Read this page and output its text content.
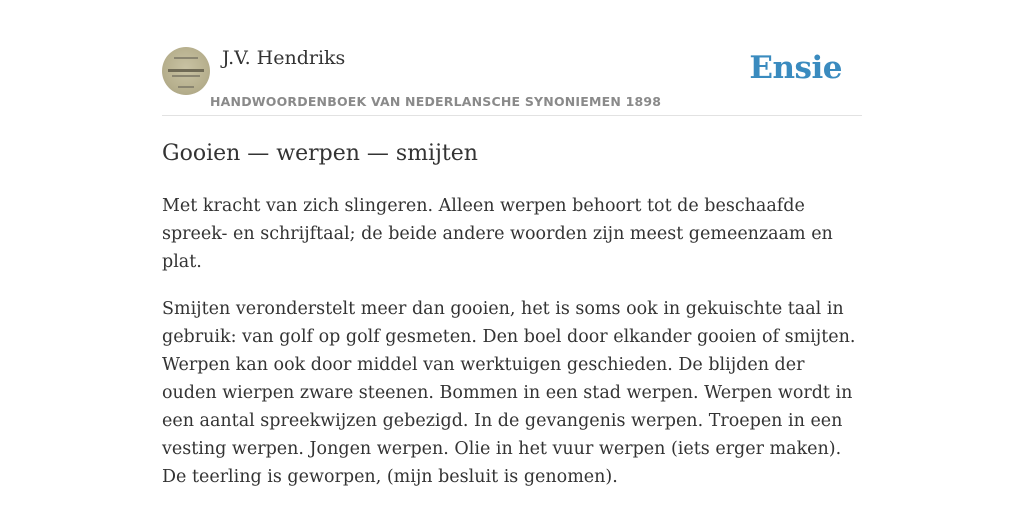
J.V. Hendriks
HANDWOORDENBOEK VAN NEDERLANSCHE SYNONIEMEN 1898
Ensie
Gooien — werpen — smijten

Met kracht van zich slingeren. Alleen werpen behoort tot de beschaafde spreek- en schrijftaal; de beide andere woorden zijn meest gemeenzaam en plat.

Smijten veronderstelt meer dan gooien, het is soms ook in gekuischte taal in gebruik: van golf op golf gesmeten. Den boel door elkander gooien of smijten. Werpen kan ook door middel van werktuigen geschieden. De blijden der ouden wierpen zware steenen. Bommen in een stad werpen. Werpen wordt in een aantal spreekwijzen gebezigd. In de gevangenis werpen. Troepen in een vesting werpen. Jongen werpen. Olie in het vuur werpen (iets erger maken). De teerling is geworpen, (mijn besluit is genomen).
